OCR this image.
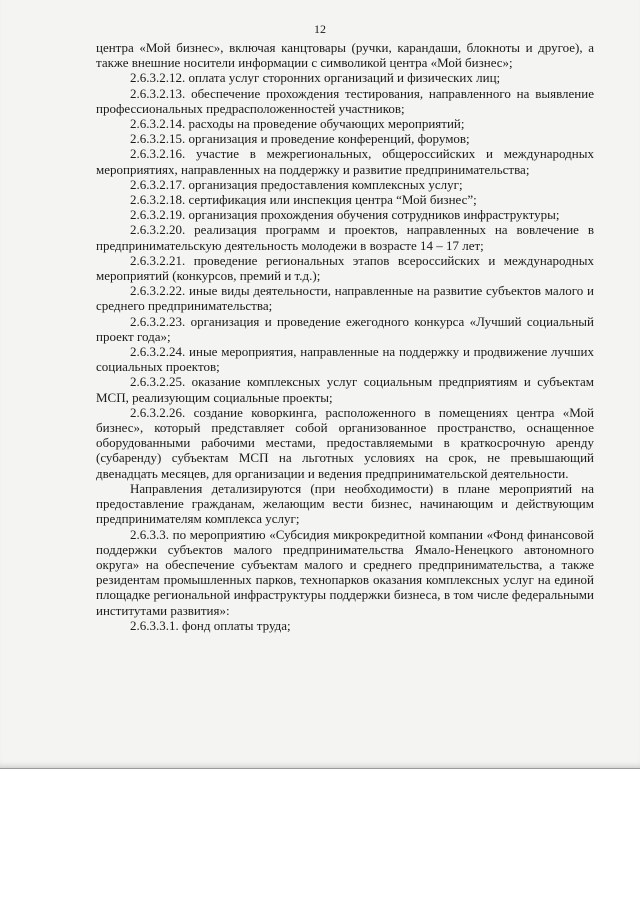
12

центра «Мой бизнес», включая канцтовары (ручки, карандаши, блокноты и другое), а также внешние носители информации с символикой центра «Мой бизнес»;

2.6.3.2.12. оплата услуг сторонних организаций и физических лиц;

2.6.3.2.13. обеспечение прохождения тестирования, направленного на выявление профессиональных предрасположенностей участников;

2.6.3.2.14. расходы на проведение обучающих мероприятий;

2.6.3.2.15. организация и проведение конференций, форумов;

2.6.3.2.16. участие в межрегиональных, общероссийских и международных мероприятиях, направленных на поддержку и развитие предпринимательства;

2.6.3.2.17. организация предоставления комплексных услуг;

2.6.3.2.18. сертификация или инспекция центра “Мой бизнес”;

2.6.3.2.19. организация прохождения обучения сотрудников инфраструктуры;

2.6.3.2.20. реализация программ и проектов, направленных на вовлечение в предпринимательскую деятельность молодежи в возрасте 14 – 17 лет;

2.6.3.2.21. проведение региональных этапов всероссийских и международных мероприятий (конкурсов, премий и т.д.);

2.6.3.2.22. иные виды деятельности, направленные на развитие субъектов малого и среднего предпринимательства;

2.6.3.2.23. организация и проведение ежегодного конкурса «Лучший социальный проект года»;

2.6.3.2.24. иные мероприятия, направленные на поддержку и продвижение лучших социальных проектов;

2.6.3.2.25. оказание комплексных услуг социальным предприятиям и субъектам МСП, реализующим социальные проекты;

2.6.3.2.26. создание коворкинга, расположенного в помещениях центра «Мой бизнес», который представляет собой организованное пространство, оснащенное оборудованными рабочими местами, предоставляемыми в краткосрочную аренду (субаренду) субъектам МСП на льготных условиях на срок, не превышающий двенадцать месяцев, для организации и ведения предпринимательской деятельности.

Направления детализируются (при необходимости) в плане мероприятий на предоставление гражданам, желающим вести бизнес, начинающим и действующим предпринимателям комплекса услуг;

2.6.3.3. по мероприятию «Субсидия микрокредитной компании «Фонд финансовой поддержки субъектов малого предпринимательства Ямало-Ненецкого автономного округа» на обеспечение субъектам малого и среднего предпринимательства, а также резидентам промышленных парков, технопарков оказания комплексных услуг на единой площадке региональной инфраструктуры поддержки бизнеса, в том числе федеральными институтами развития»:

2.6.3.3.1. фонд оплаты труда;
